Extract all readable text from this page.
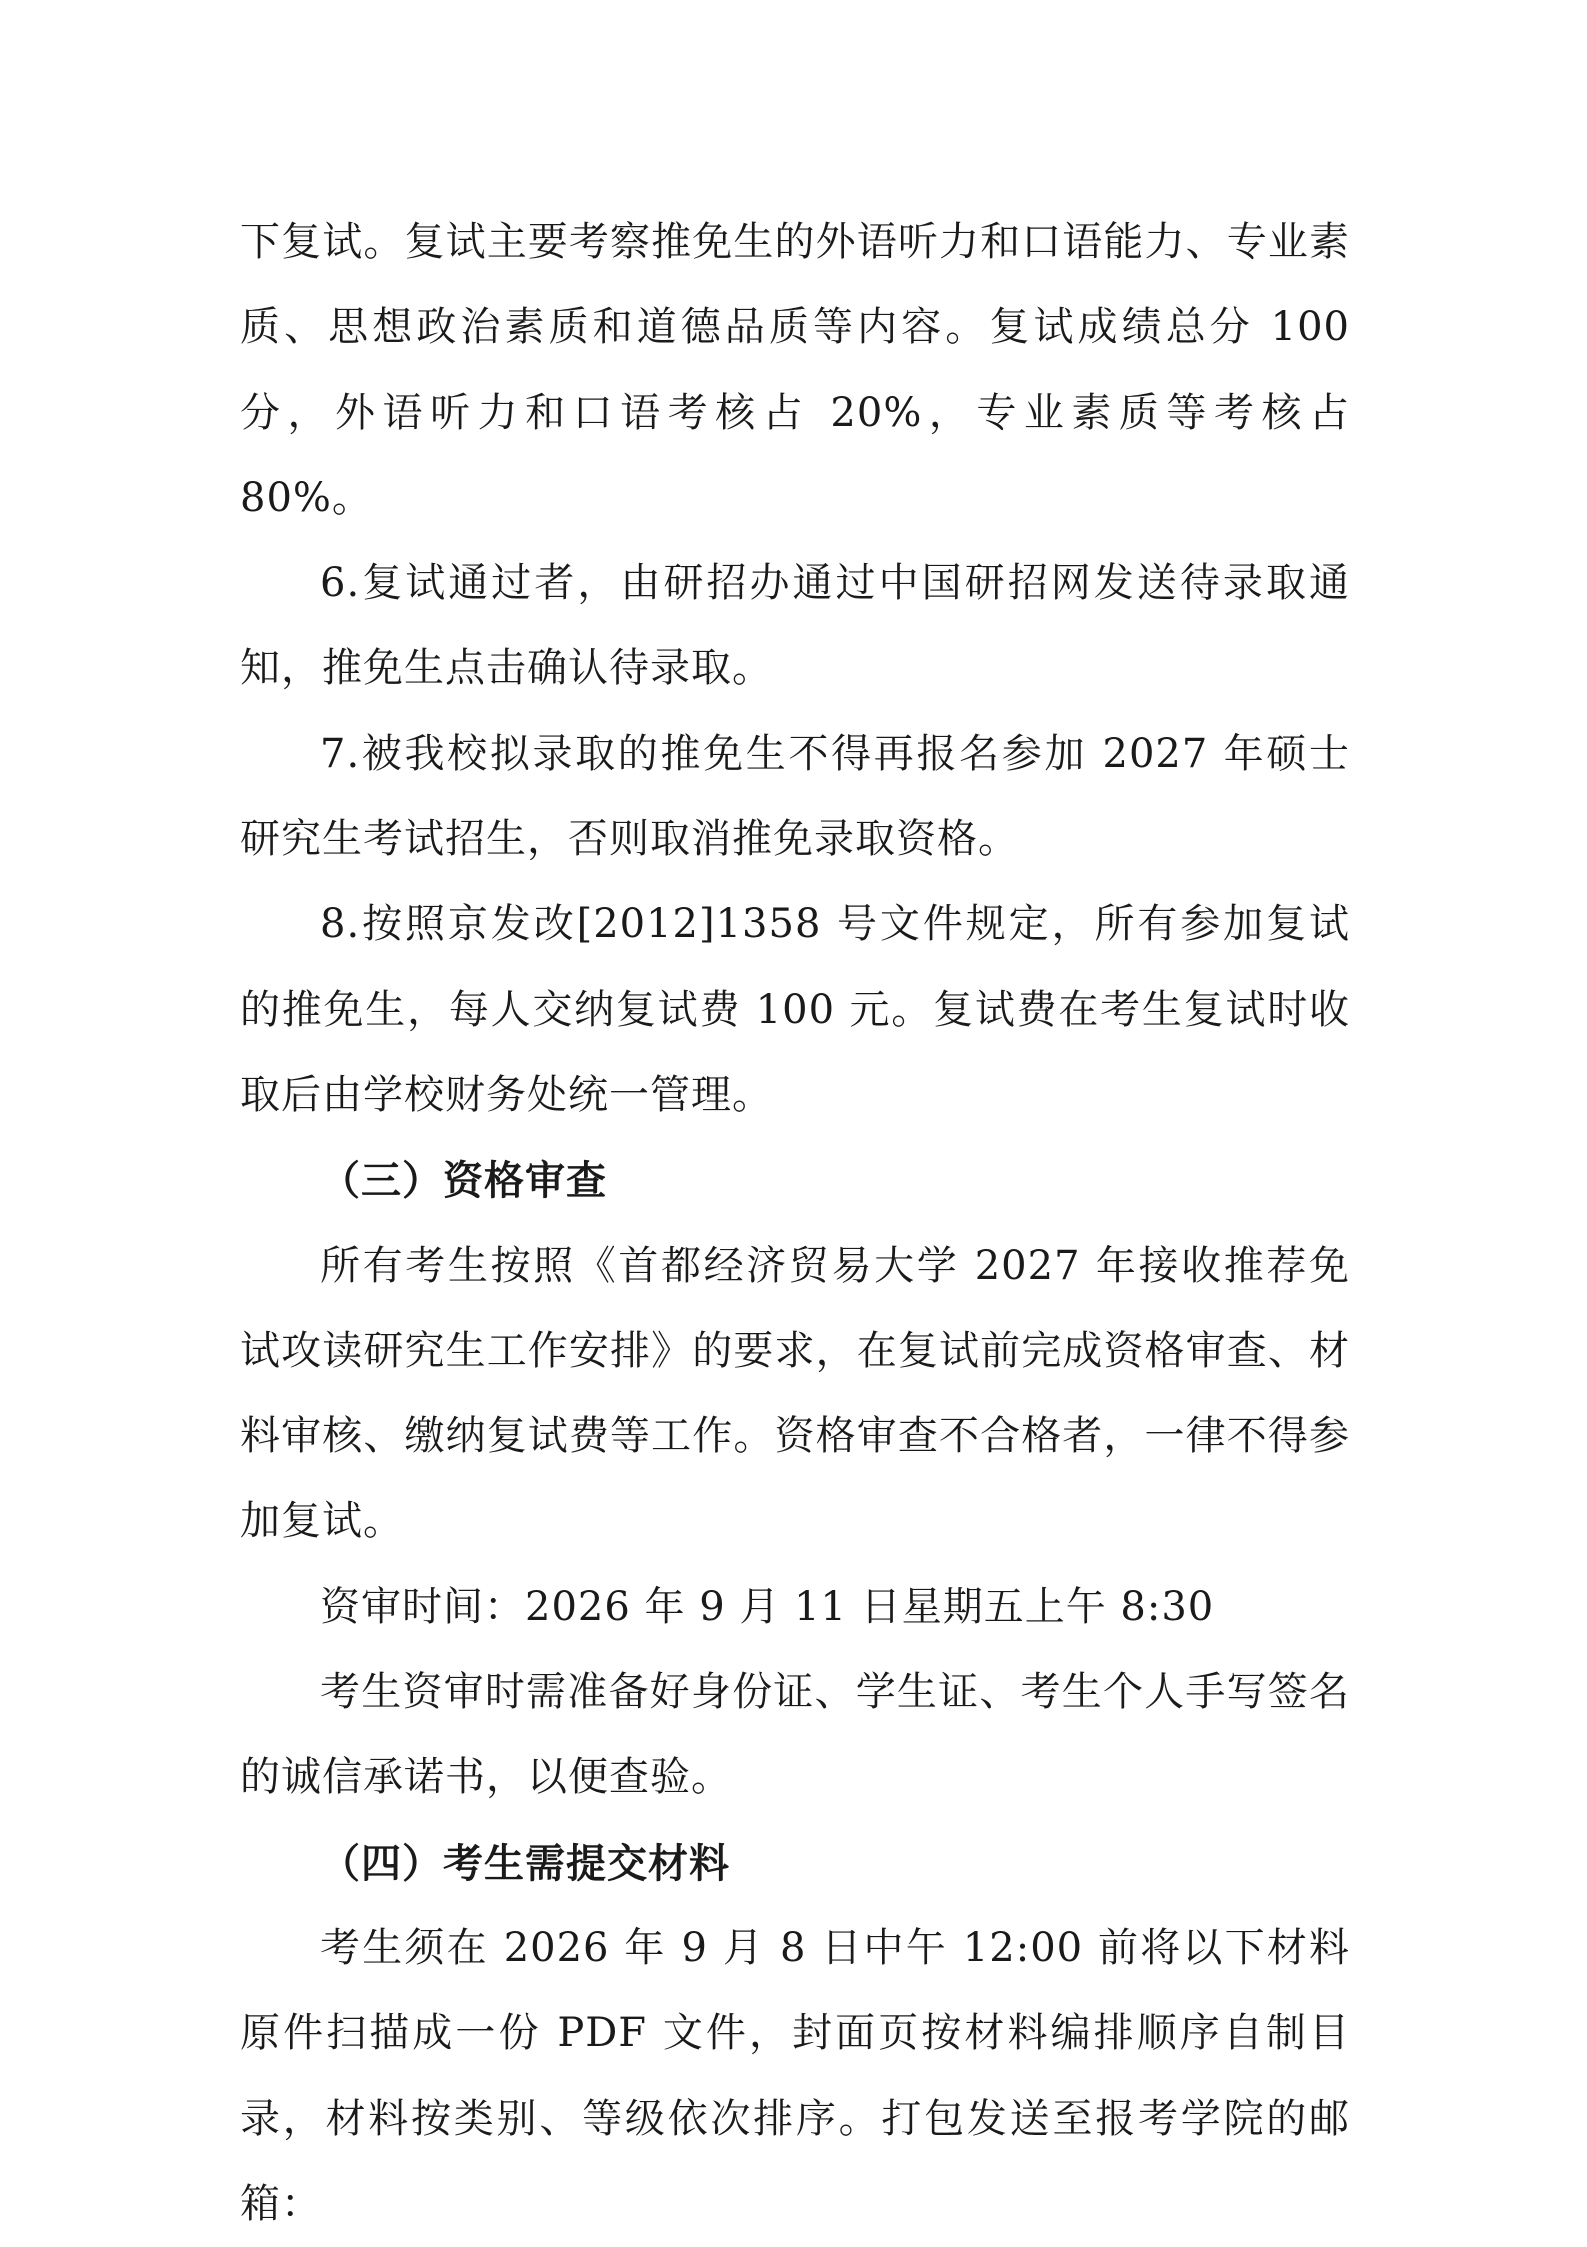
下复试。复试主要考察推免生的外语听力和口语能力、专业素质、思想政治素质和道德品质等内容。复试成绩总分 100 分，外语听力和口语考核占 20%，专业素质等考核占 80%。

6.复试通过者，由研招办通过中国研招网发送待录取通知，推免生点击确认待录取。

7.被我校拟录取的推免生不得再报名参加 2027 年硕士研究生考试招生，否则取消推免录取资格。

8.按照京发改[2012]1358 号文件规定，所有参加复试的推免生，每人交纳复试费 100 元。复试费在考生复试时收取后由学校财务处统一管理。

（三）资格审查

所有考生按照《首都经济贸易大学 2027 年接收推荐免试攻读研究生工作安排》的要求，在复试前完成资格审查、材料审核、缴纳复试费等工作。资格审查不合格者，一律不得参加复试。

资审时间：2026 年 9 月 11 日星期五上午 8:30

考生资审时需准备好身份证、学生证、考生个人手写签名的诚信承诺书，以便查验。

（四）考生需提交材料

考生须在 2026 年 9 月 8 日中午 12:00 前将以下材料原件扫描成一份 PDF 文件，封面页按材料编排顺序自制目录，材料按类别、等级依次排序。打包发送至报考学院的邮箱：
